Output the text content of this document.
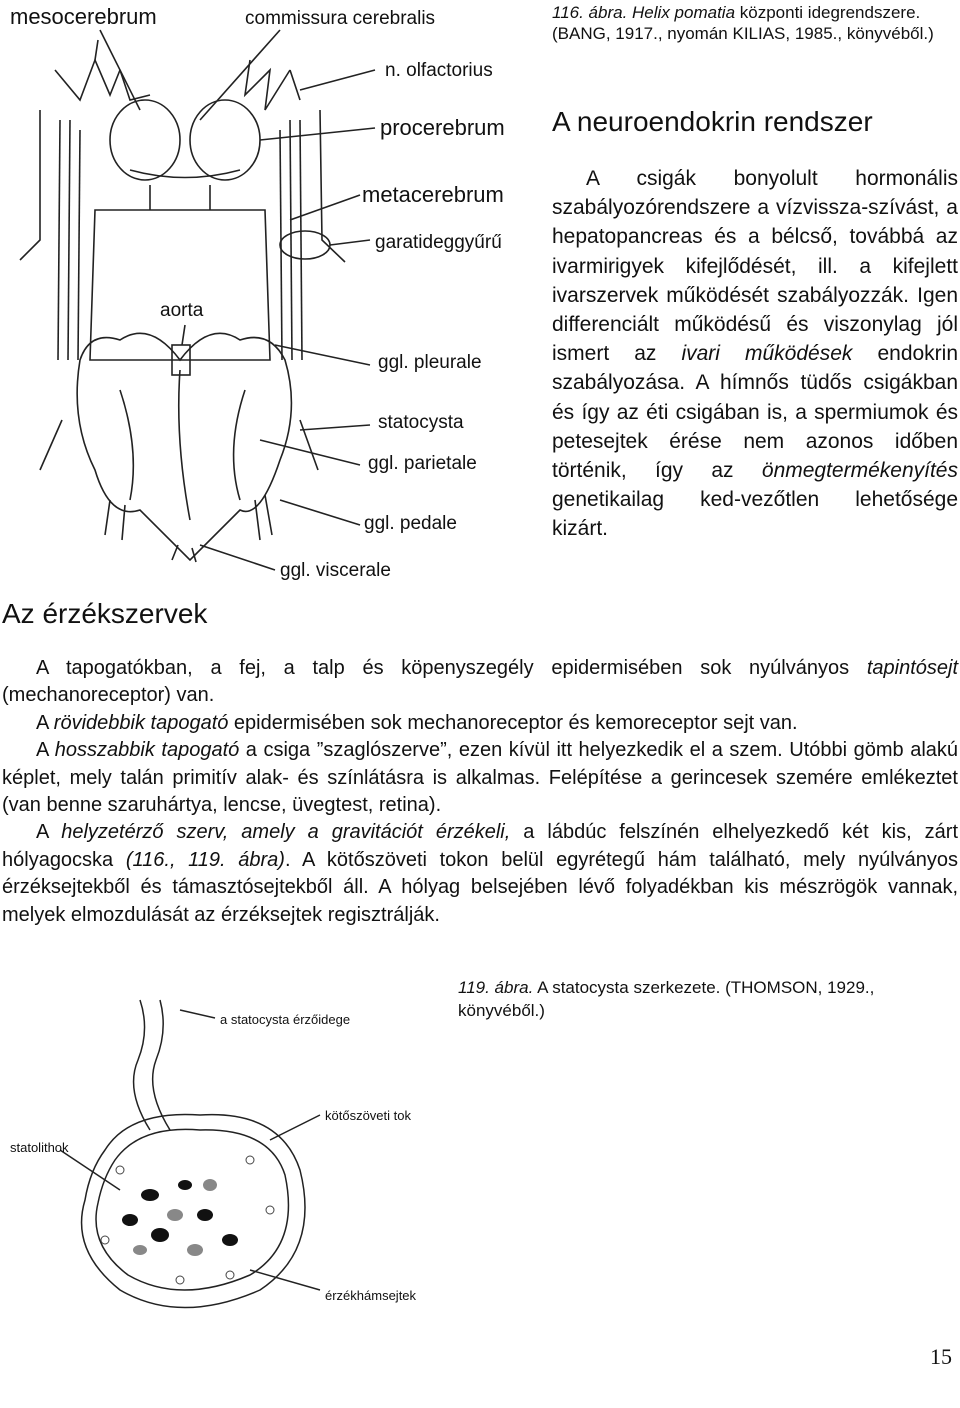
mesocerebrum	commissura cerebralis
n. olfactorius
procerebrum
metacerebrum
garatideggyűrű
aorta
ggl. pleurale
statocysta
ggl. parietale
ggl. pedale
ggl. viscerale
116. ábra. Helix pomatia központi idegrendszere. (BANG, 1917., nyomán KILIAS, 1985., könyvéből.)
A neuroendokrin rendszer
A csigák bonyolult hormonális szabályozórendszere a vízvissza-szívást, a hepatopancreas és a bélcső, továbbá az ivarmirigyek kifejlődését, ill. a kifejlett ivarszervek működését szabályozzák. Igen differenciált működésű és viszonylag jól ismert az ivari működések endokrin szabályozása. A hímnős tüdős csigákban és így az éti csigában is, a spermiumok és petesejtek érése nem azonos időben történik, így az önmegtermékenyítés genetikailag ked-vezőtlen lehetősége kizárt.
Az érzékszervek

A tapogatókban, a fej, a talp és köpenyszegély epidermisében sok nyúlványos tapintósejt (mechanoreceptor) van.

A rövidebbik tapogató epidermisében sok mechanoreceptor és kemoreceptor sejt van.

A hosszabbik tapogató a csiga ”szaglószerve”, ezen kívül itt helyezkedik el a szem. Utóbbi gömb alakú képlet, mely talán primitív alak- és színlátásra is alkalmas. Felépítése a gerincesek szemére emlékeztet (van benne szaruhártya, lencse, üvegtest, retina).

A helyzetérző szerv, amely a gravitációt érzékeli, a lábdúc felszínén elhelyezkedő két kis, zárt hólyagocska (116., 119. ábra). A kötőszöveti tokon belül egyrétegű hám található, mely nyúlványos érzéksejtekből és támasztósejtekből áll. A hólyag belsejében lévő folyadékban kis mészrögök vannak, melyek elmozdulását az érzéksejtek regisztrálják.

119. ábra. A statocysta szerkezete. (THOMSON, 1929., könyvéből.)
a statocysta érzőidege
kötőszöveti tok
statolithok
érzékhámsejtek
15
